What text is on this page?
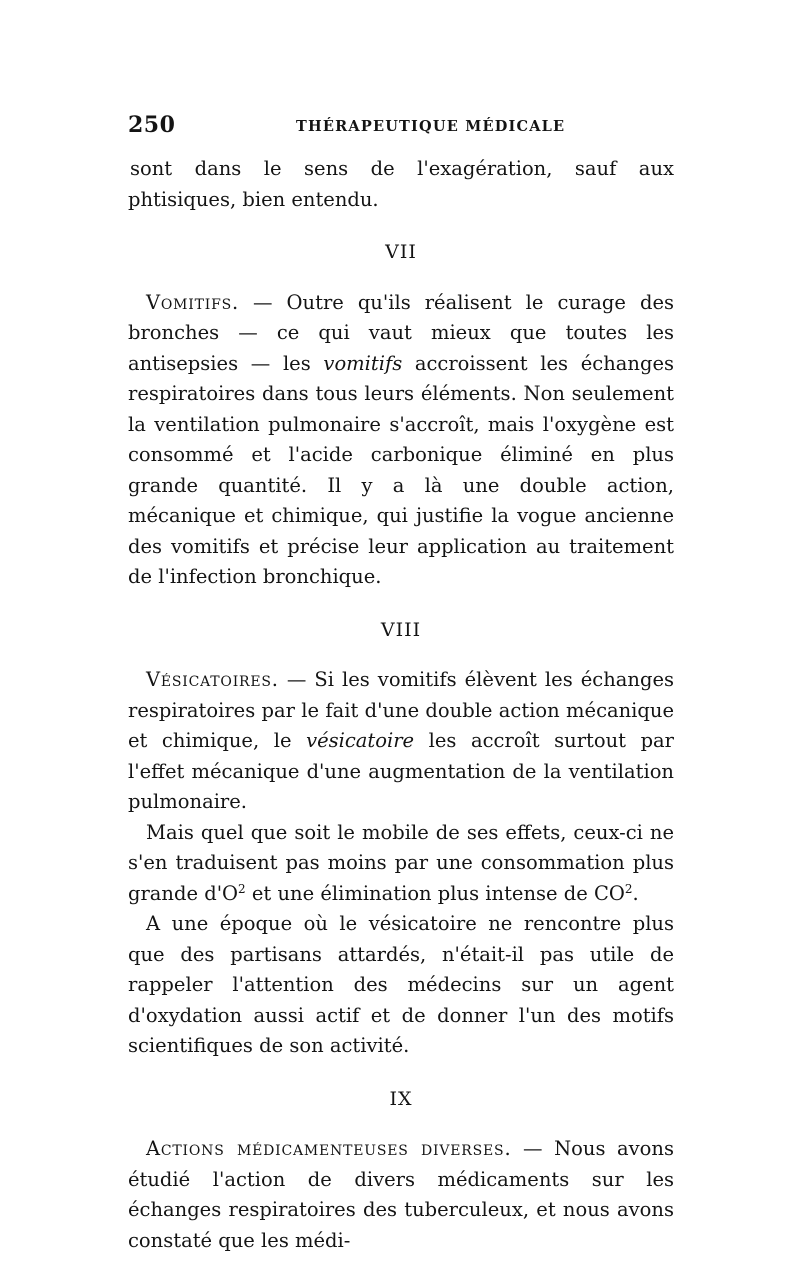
250	THÉRAPEUTIQUE MÉDICALE

sont dans le sens de l'exagération, sauf aux phtisiques, bien entendu.

VII

Vomitifs. — Outre qu'ils réalisent le curage des bronches — ce qui vaut mieux que toutes les antisepsies — les vomitifs accroissent les échanges respiratoires dans tous leurs éléments. Non seulement la ventilation pulmonaire s'accroît, mais l'oxygène est consommé et l'acide carbonique éliminé en plus grande quantité. Il y a là une double action, mécanique et chimique, qui justifie la vogue ancienne des vomitifs et précise leur application au traitement de l'infection bronchique.

VIII

Vésicatoires. — Si les vomitifs élèvent les échanges respiratoires par le fait d'une double action mécanique et chimique, le vésicatoire les accroît surtout par l'effet mécanique d'une augmentation de la ventilation pulmonaire.

Mais quel que soit le mobile de ses effets, ceux-ci ne s'en traduisent pas moins par une consommation plus grande $d'O^2$ et une élimination plus intense de $CO^2$.

A une époque où le vésicatoire ne rencontre plus que des partisans attardés, n'était-il pas utile de rappeler l'attention des médecins sur un agent d'oxydation aussi actif et de donner l'un des motifs scientifiques de son activité.

IX

Actions médicamenteuses diverses. — Nous avons étudié l'action de divers médicaments sur les échanges respiratoires des tuberculeux, et nous avons constaté que les médi-
